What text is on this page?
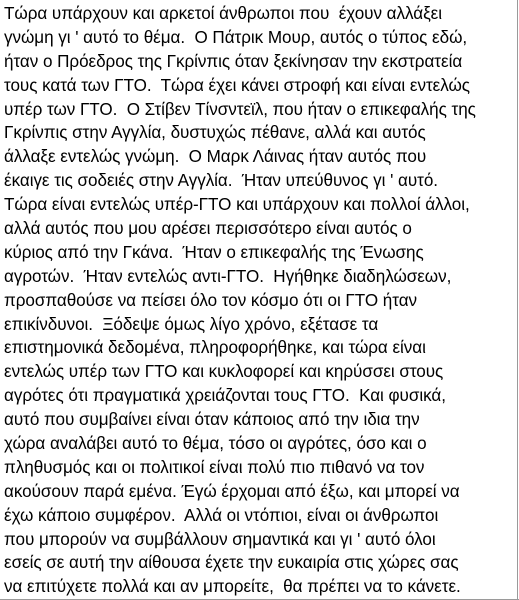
Τώρα υπάρχουν και αρκετοί άνθρωποι που  έχουν αλλάξει
γνώμη γι ' αυτό το θέμα.  Ο Πάτρικ Μουρ, αυτός ο τύπος εδώ,
ήταν ο Πρόεδρος της Γκρίνπις όταν ξεκίνησαν την εκστρατεία
τους κατά των ΓΤΟ.  Τώρα έχει κάνει στροφή και είναι εντελώς
υπέρ των ΓΤΟ.  Ο Στίβεν Τίνσντεϊλ, που ήταν ο επικεφαλής της
Γκρίνπις στην Αγγλία, δυστυχώς πέθανε, αλλά και αυτός
άλλαξε εντελώς γνώμη.  Ο Μαρκ Λάινας ήταν αυτός που
έκαιγε τις σοδειές στην Αγγλία.  Ήταν υπεύθυνος γι ' αυτό.
Τώρα είναι εντελώς υπέρ-ΓΤΟ και υπάρχουν και πολλοί άλλοι,
αλλά αυτός που μου αρέσει περισσότερο είναι αυτός ο
κύριος από την Γκάνα.  Ήταν ο επικεφαλής της Ένωσης
αγροτών.  Ήταν εντελώς αντι-ΓΤΟ.  Ηγήθηκε διαδηλώσεων,
προσπαθούσε να πείσει όλο τον κόσμο ότι οι ΓΤΟ ήταν
επικίνδυνοι.  Ξόδεψε όμως λίγο χρόνο, εξέτασε τα
επιστημονικά δεδομένα, πληροφορήθηκε, και τώρα είναι
εντελώς υπέρ των ΓΤΟ και κυκλοφορεί και κηρύσσει στους
αγρότες ότι πραγματικά χρειάζονται τους ΓΤΟ.  Και φυσικά,
αυτό που συμβαίνει είναι όταν κάποιος από την ιδια την
χώρα αναλάβει αυτό το θέμα, τόσο οι αγρότες, όσο και ο
πληθυσμός και οι πολιτικοί είναι πολύ πιο πιθανό να τον
ακούσουν παρά εμένα. Έγώ έρχομαι από έξω, και μπορεί να
έχω κάποιο συμφέρον.  Αλλά οι ντόπιοι, είναι οι άνθρωποι
που μπορούν να συμβάλλουν σημαντικά και γι ' αυτό όλοι
εσείς σε αυτή την αίθουσα έχετε την ευκαιρία στις χώρες σας
να επιτύχετε πολλά και αν μπορείτε,  θα πρέπει να το κάνετε.
